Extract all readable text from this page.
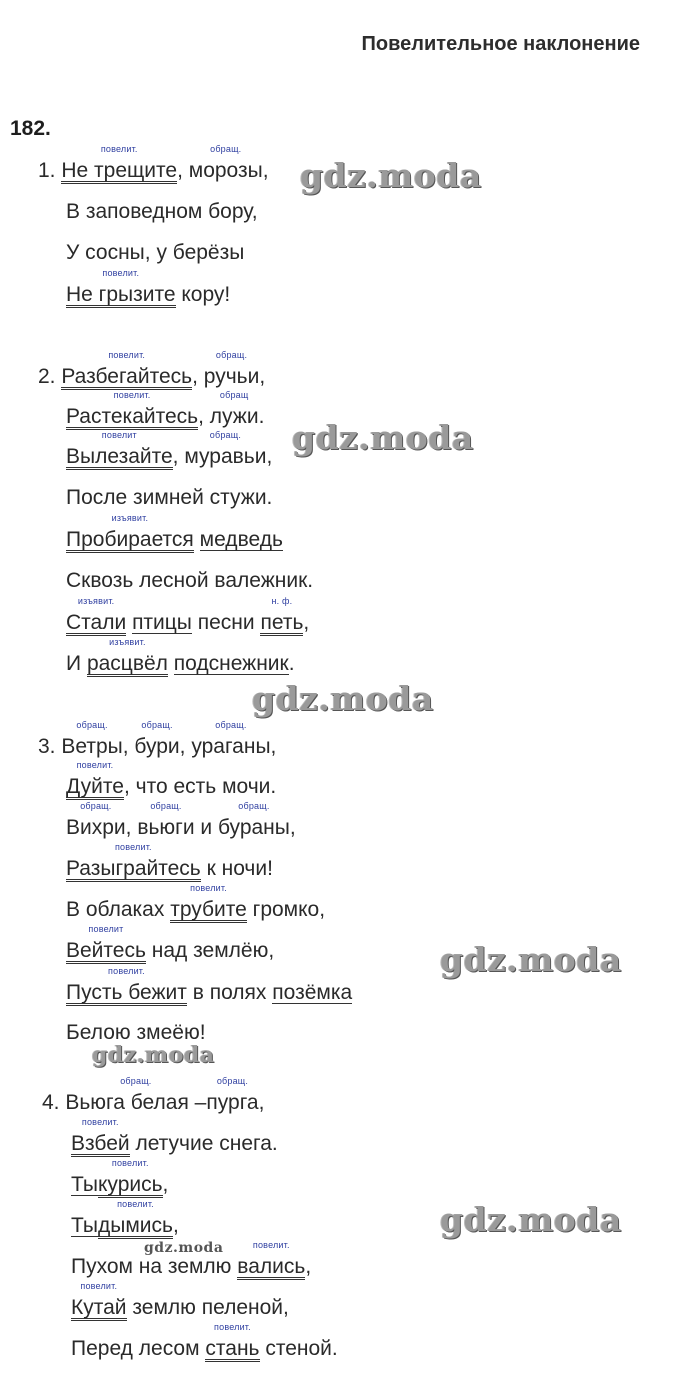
Повелительное наклонение
182.
1.
повелит.
Не трещите,
обращ.
морозы,
В заповедном бору,
У сосны, у берёзы
повелит.
Не грызите кору!
2.
повелит.
Разбегайтесь,
обращ.
ручьи,
повелит.
Растекайтесь,
обращ
лужи.
повелит
Вылезайте,
обращ.
муравьи,
После зимней стужи.
изъявит.
Пробирается медведь
Сквозь лесной валежник.
изъявит.
Стали птицы песни
н. ф.
петь,
И
изъявит.
расцвёл подснежник.
3.
обращ.
Ветры,
обращ.
бури,
обращ.
ураганы,
повелит.
Дуйте, что есть мочи.
обращ.
Вихри,
обращ.
вьюги и
обращ.
бураны,
повелит.
Разыграйтесь к ночи!
В облаках
повелит.
трубите громко,
повелит
Вейтесь над землёю,
повелит.
Пусть бежит в полях позёмка
Белою змеёю!
4.
обращ.
Вьюга белая –
обращ.
пурга,
повелит.
Взбей летучие снега.
Ты
повелит.
курись,
Ты
повелит.
дымись,
Пухом на землю
повелит.
вались,
повелит.
Кутай землю пеленой,
Перед лесом
повелит.
стань стеной.
gdz.moda
gdz.moda
gdz.moda
gdz.moda
gdz.moda
gdz.moda
gdz.moda
